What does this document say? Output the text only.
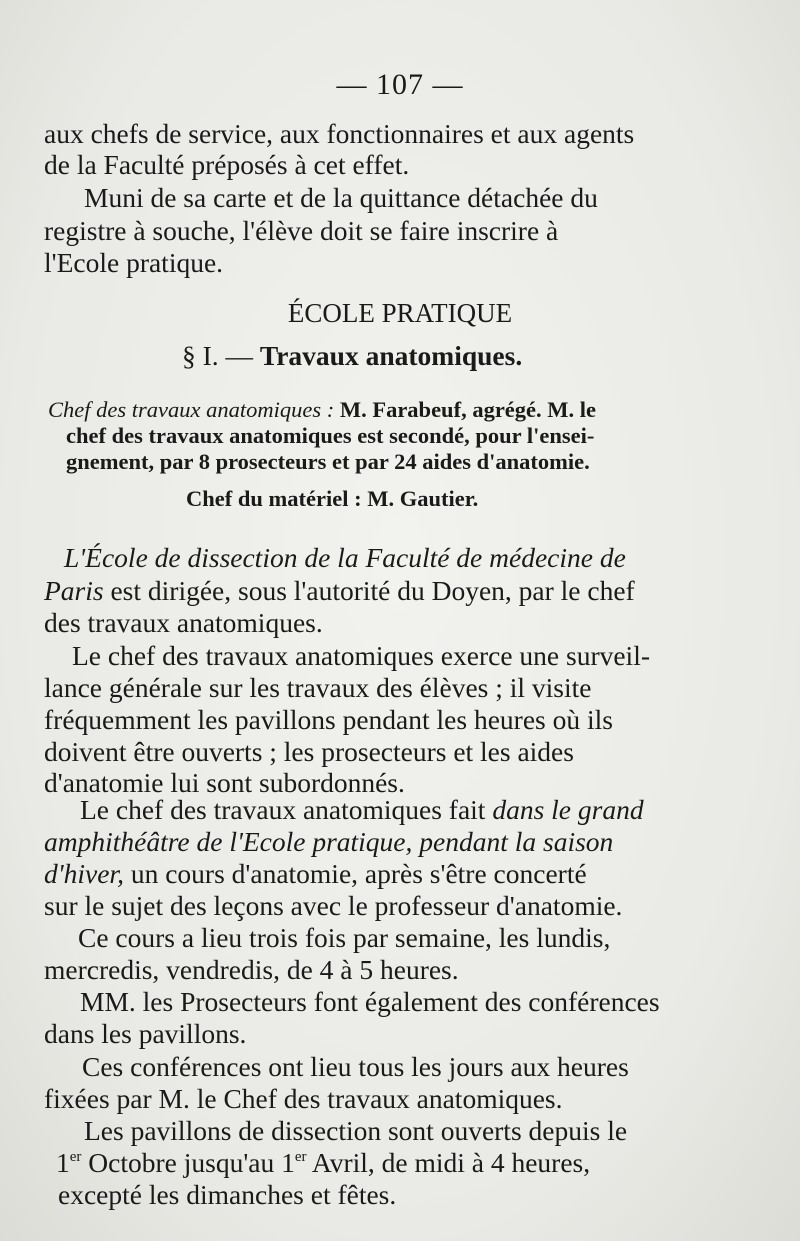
— 107 —
aux chefs de service, aux fonctionnaires et aux agents
de la Faculté préposés à cet effet.
Muni de sa carte et de la quittance détachée du
registre à souche, l'élève doit se faire inscrire à
l'Ecole pratique.
ÉCOLE PRATIQUE
§ I. — Travaux anatomiques.
Chef des travaux anatomiques : M. Farabeuf, agrégé. M. le
chef des travaux anatomiques est secondé, pour l'ensei-
gnement, par 8 prosecteurs et par 24 aides d'anatomie.
Chef du matériel : M. Gautier.
L'École de dissection de la Faculté de médecine de
Paris est dirigée, sous l'autorité du Doyen, par le chef
des travaux anatomiques.
Le chef des travaux anatomiques exerce une surveil-
lance générale sur les travaux des élèves ; il visite
fréquemment les pavillons pendant les heures où ils
doivent être ouverts ; les prosecteurs et les aides
d'anatomie lui sont subordonnés.
Le chef des travaux anatomiques fait dans le grand
amphithéâtre de l'Ecole pratique, pendant la saison
d'hiver, un cours d'anatomie, après s'être concerté
sur le sujet des leçons avec le professeur d'anatomie.
Ce cours a lieu trois fois par semaine, les lundis,
mercredis, vendredis, de 4 à 5 heures.
MM. les Prosecteurs font également des conférences
dans les pavillons.
Ces conférences ont lieu tous les jours aux heures
fixées par M. le Chef des travaux anatomiques.
Les pavillons de dissection sont ouverts depuis le
1er Octobre jusqu'au 1er Avril, de midi à 4 heures,
excepté les dimanches et fêtes.
